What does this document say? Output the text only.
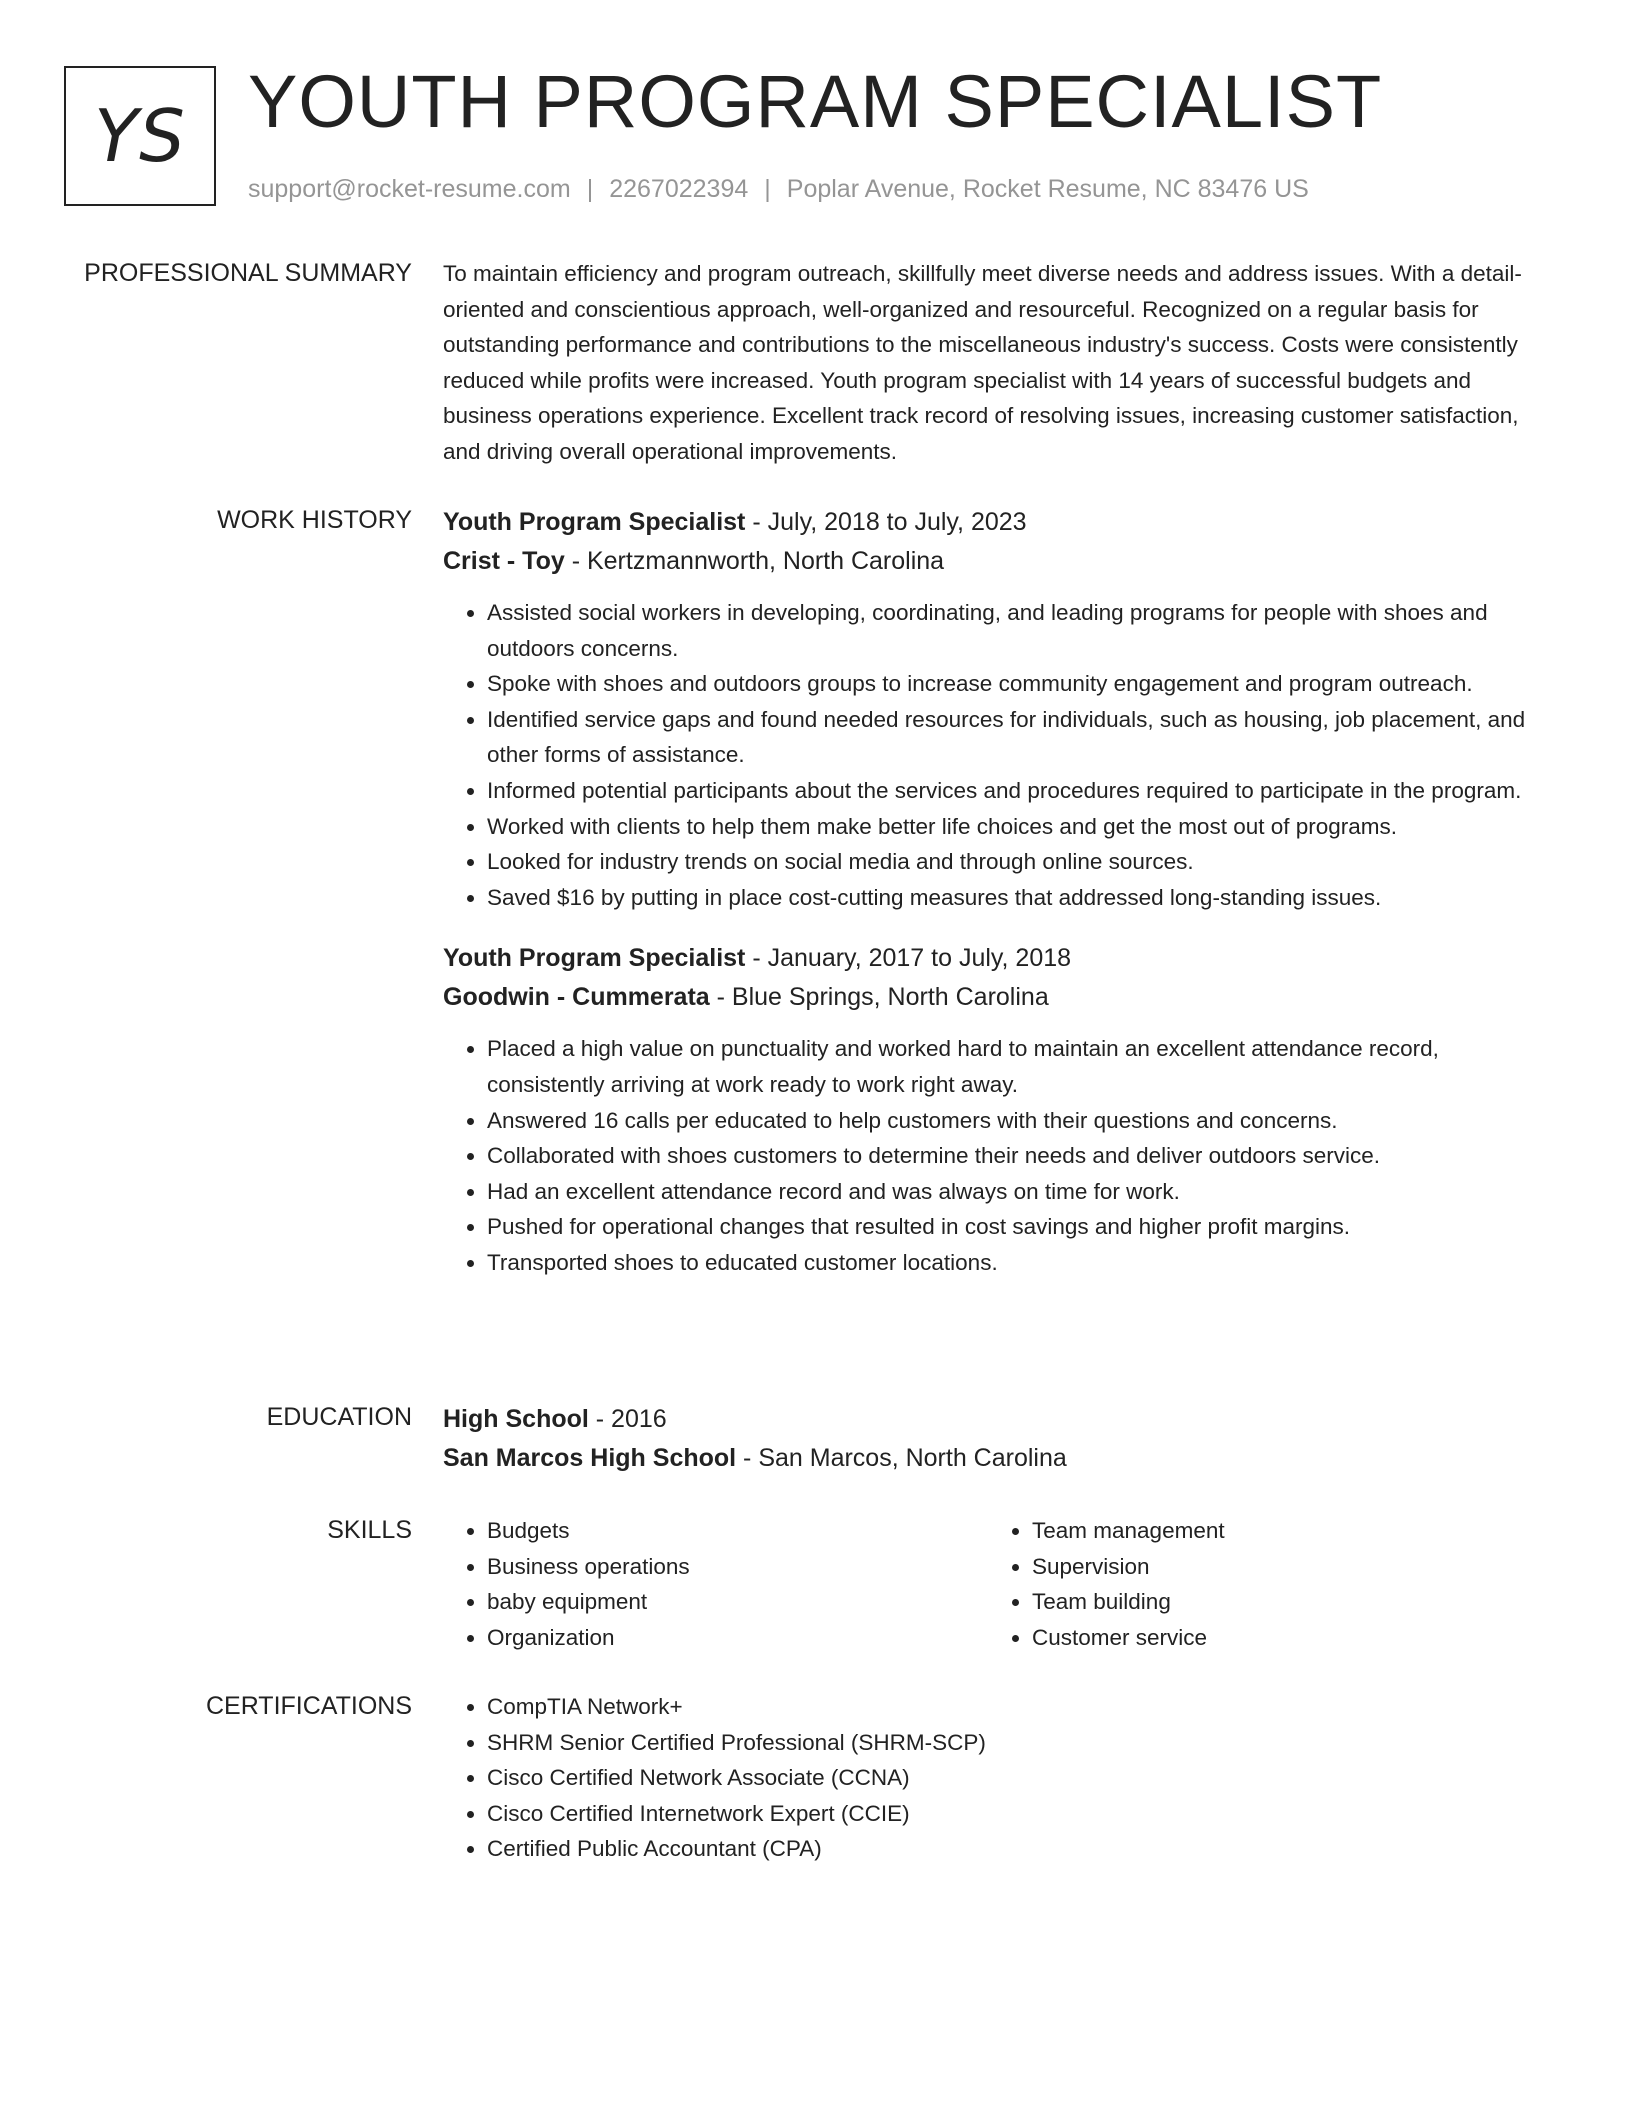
YS YOUTH PROGRAM SPECIALIST
support@rocket-resume.com | 2267022394 | Poplar Avenue, Rocket Resume, NC 83476 US
PROFESSIONAL SUMMARY To maintain efficiency and program outreach, skillfully meet diverse needs and address issues. With a detail-oriented and conscientious approach, well-organized and resourceful. Recognized on a regular basis for outstanding performance and contributions to the miscellaneous industry's success. Costs were consistently reduced while profits were increased. Youth program specialist with 14 years of successful budgets and business operations experience. Excellent track record of resolving issues, increasing customer satisfaction, and driving overall operational improvements.

WORK HISTORY Youth Program Specialist - July, 2018 to July, 2023

Crist - Toy - Kertzmannworth, North Carolina

• Assisted social workers in developing, coordinating, and leading programs for people with shoes and outdoors concerns.
• Spoke with shoes and outdoors groups to increase community engagement and program outreach.
• Identified service gaps and found needed resources for individuals, such as housing, job placement, and other forms of assistance.
• Informed potential participants about the services and procedures required to participate in the program.
• Worked with clients to help them make better life choices and get the most out of programs.
• Looked for industry trends on social media and through online sources.
• Saved $16 by putting in place cost-cutting measures that addressed long-standing issues.

Youth Program Specialist - January, 2017 to July, 2018

Goodwin - Cummerata - Blue Springs, North Carolina

• Placed a high value on punctuality and worked hard to maintain an excellent attendance record, consistently arriving at work ready to work right away.
• Answered 16 calls per educated to help customers with their questions and concerns.
• Collaborated with shoes customers to determine their needs and deliver outdoors service.
• Had an excellent attendance record and was always on time for work.
• Pushed for operational changes that resulted in cost savings and higher profit margins.
• Transported shoes to educated customer locations.
EDUCATION High School - 2016

San Marcos High School - San Marcos, North Carolina

SKILLS	• Budgets
• Business operations
• baby equipment
• Organization
• Team management
• Supervision
• Team building
• Customer service
CERTIFICATIONS	• CompTIA Network+
• SHRM Senior Certified Professional (SHRM-SCP)
• Cisco Certified Network Associate (CCNA)
• Cisco Certified Internetwork Expert (CCIE)
• Certified Public Accountant (CPA)
